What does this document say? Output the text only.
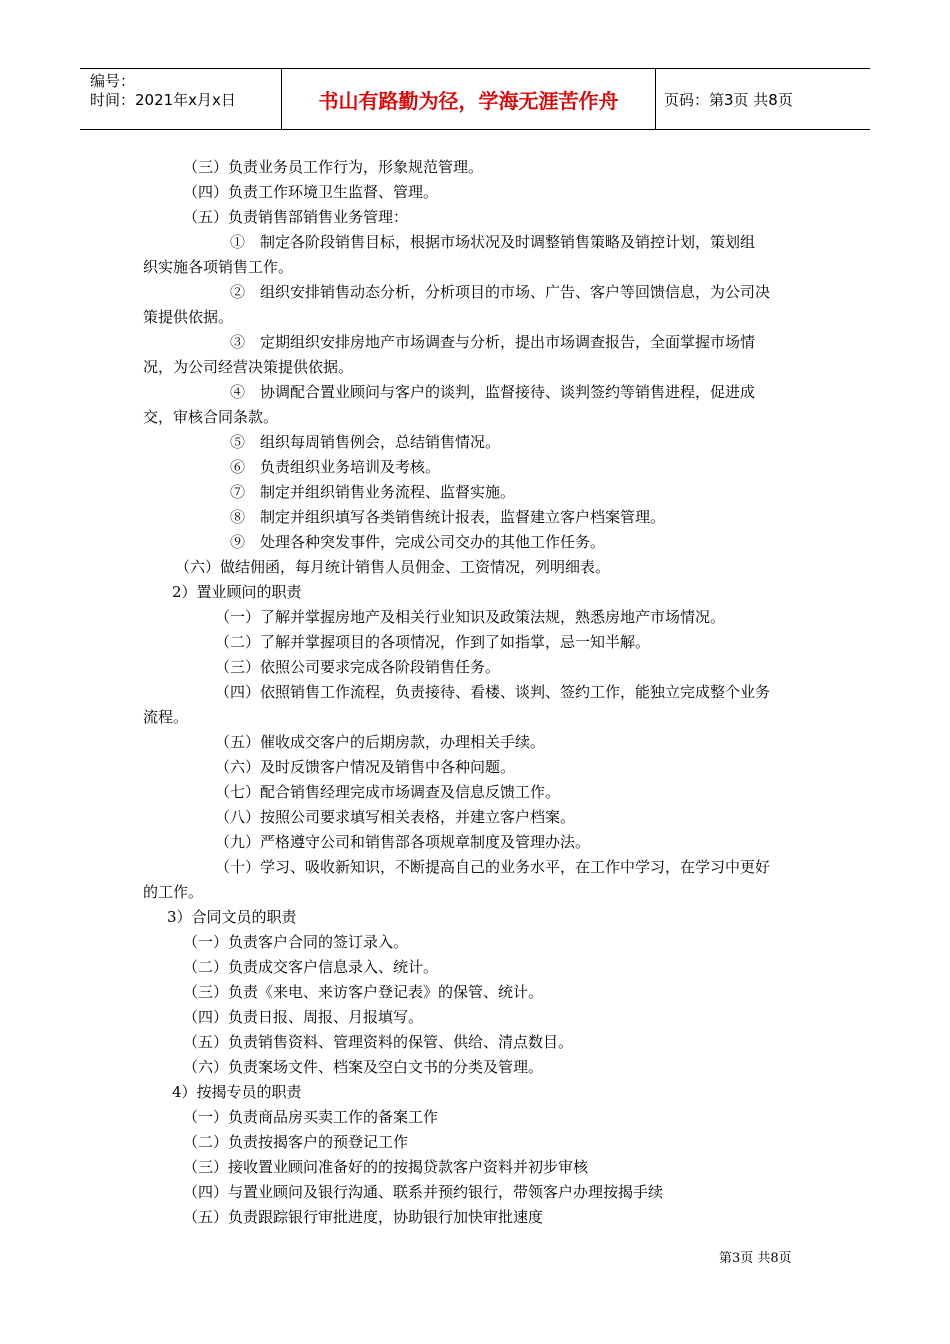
编号：
时间：2021年x月x日	书山有路勤为径，学海无涯苦作舟	页码：第3页 共8页
（三）负责业务员工作行为，形象规范管理。
（四）负责工作环境卫生监督、管理。
（五）负责销售部销售业务管理：
①　制定各阶段销售目标，根据市场状况及时调整销售策略及销控计划，策划组
织实施各项销售工作。
②　组织安排销售动态分析，分析项目的市场、广告、客户等回馈信息，为公司决
策提供依据。
③　定期组织安排房地产市场调查与分析，提出市场调查报告，全面掌握市场情
况，为公司经营决策提供依据。
④　协调配合置业顾问与客户的谈判，监督接待、谈判签约等销售进程，促进成
交，审核合同条款。
⑤　组织每周销售例会，总结销售情况。
⑥　负责组织业务培训及考核。
⑦　制定并组织销售业务流程、监督实施。
⑧　制定并组织填写各类销售统计报表，监督建立客户档案管理。
⑨　处理各种突发事件，完成公司交办的其他工作任务。
（六）做结佣函，每月统计销售人员佣金、工资情况，列明细表。
2）置业顾问的职责
（一）了解并掌握房地产及相关行业知识及政策法规，熟悉房地产市场情况。
（二）了解并掌握项目的各项情况，作到了如指掌，忌一知半解。
（三）依照公司要求完成各阶段销售任务。
（四）依照销售工作流程，负责接待、看楼、谈判、签约工作，能独立完成整个业务
流程。
（五）催收成交客户的后期房款，办理相关手续。
（六）及时反馈客户情况及销售中各种问题。
（七）配合销售经理完成市场调查及信息反馈工作。
（八）按照公司要求填写相关表格，并建立客户档案。
（九）严格遵守公司和销售部各项规章制度及管理办法。
（十）学习、吸收新知识，不断提高自己的业务水平，在工作中学习，在学习中更好
的工作。
3）合同文员的职责
（一）负责客户合同的签订录入。
（二）负责成交客户信息录入、统计。
（三）负责《来电、来访客户登记表》的保管、统计。
（四）负责日报、周报、月报填写。
（五）负责销售资料、管理资料的保管、供给、清点数目。
（六）负责案场文件、档案及空白文书的分类及管理。
4）按揭专员的职责
（一）负责商品房买卖工作的备案工作
（二）负责按揭客户的预登记工作
（三）接收置业顾问准备好的的按揭贷款客户资料并初步审核
（四）与置业顾问及银行沟通、联系并预约银行，带领客户办理按揭手续
（五）负责跟踪银行审批进度，协助银行加快审批速度
第3页 共8页
